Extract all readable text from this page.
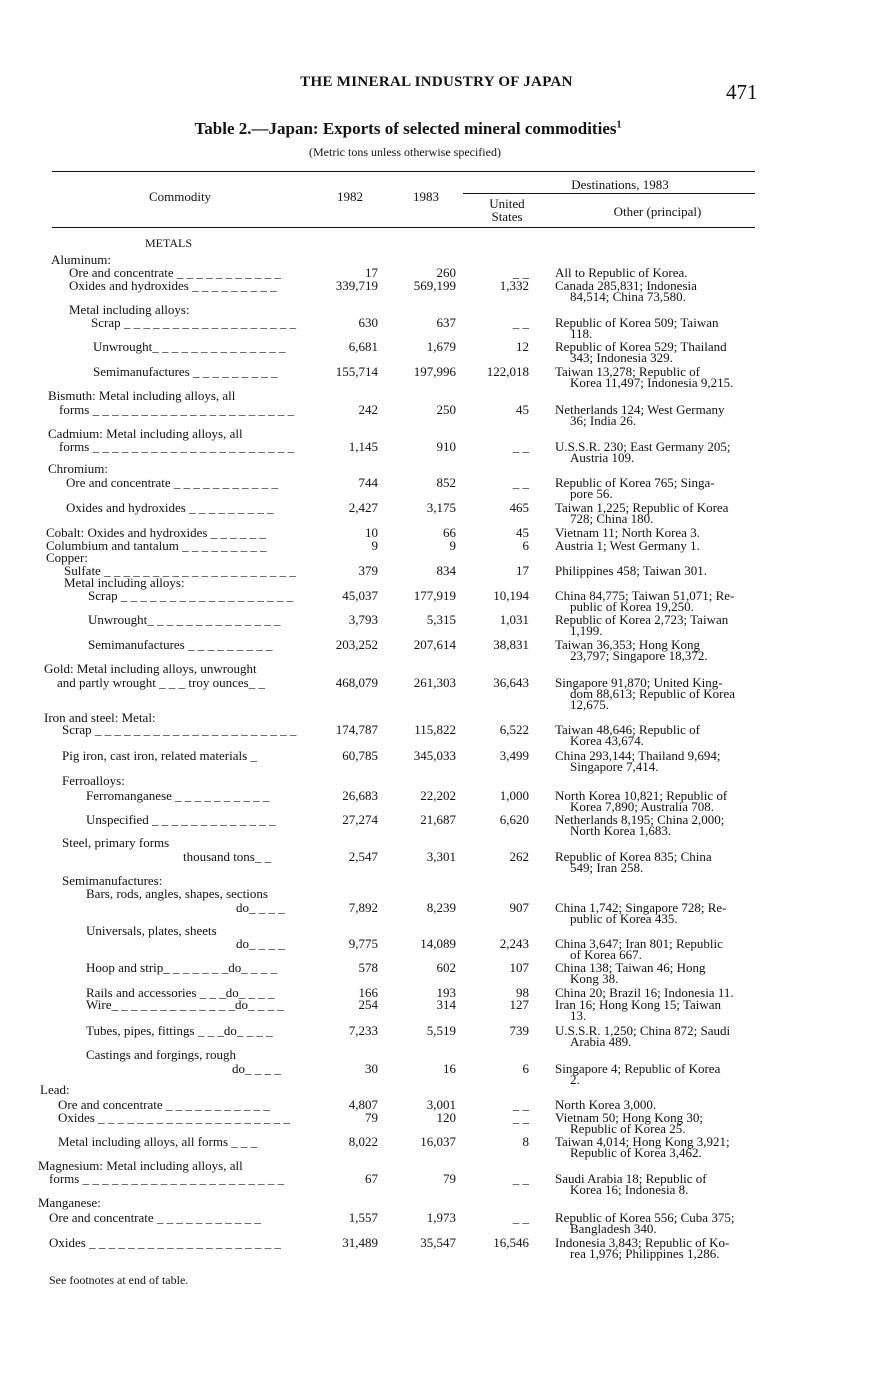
THE MINERAL INDUSTRY OF JAPAN	471
Table 2.—Japan: Exports of selected mineral commodities$^1$
(Metric tons unless otherwise specified)
Commodity	1982	1983
Destinations, 1983
United
States	Other (principal)
METALS
Aluminum:
Ore and concentrate _ _ _ _ _ _ _ _ _ _ _	17	260	_ _ All to Republic of Korea.
Oxides and hydroxides _ _ _ _ _ _ _ _ _	339,719	569,199	1,332 Canada 285,831; Indonesia
84,514; China 73,580.
Metal including alloys:
Scrap _ _ _ _ _ _ _ _ _ _ _ _ _ _ _ _ _ _	630	637	_ _ Republic of Korea 509; Taiwan
118.
Unwrought_ _ _ _ _ _ _ _ _ _ _ _ _ _	6,681	1,679	12 Republic of Korea 529; Thailand
343; Indonesia 329.
Semimanufactures _ _ _ _ _ _ _ _ _	155,714	197,996	122,018 Taiwan 13,278; Republic of
Korea 11,497; Indonesia 9,215.
Bismuth: Metal including alloys, all
forms _ _ _ _ _ _ _ _ _ _ _ _ _ _ _ _ _ _ _ _ _	242	250	45 Netherlands 124; West Germany
36; India 26.
Cadmium: Metal including alloys, all
forms _ _ _ _ _ _ _ _ _ _ _ _ _ _ _ _ _ _ _ _ _	1,145	910	_ _ U.S.S.R. 230; East Germany 205;
Austria 109.
Chromium:
Ore and concentrate _ _ _ _ _ _ _ _ _ _ _	744	852	_ _ Republic of Korea 765; Singa-
pore 56.
Oxides and hydroxides _ _ _ _ _ _ _ _ _	2,427	3,175	465 Taiwan 1,225; Republic of Korea
728; China 180.
Cobalt: Oxides and hydroxides _ _ _ _ _ _	10	66	45 Vietnam 11; North Korea 3.
Columbium and tantalum _ _ _ _ _ _ _ _ _	9	9	6 Austria 1; West Germany 1.
Copper:
Sulfate _ _ _ _ _ _ _ _ _ _ _ _ _ _ _ _ _ _ _ _	379	834	17 Philippines 458; Taiwan 301.
Metal including alloys:
Scrap _ _ _ _ _ _ _ _ _ _ _ _ _ _ _ _ _ _	45,037	177,919	10,194 China 84,775; Taiwan 51,071; Re-
public of Korea 19,250.
Unwrought_ _ _ _ _ _ _ _ _ _ _ _ _ _	3,793	5,315	1,031 Republic of Korea 2,723; Taiwan
1,199.
Semimanufactures _ _ _ _ _ _ _ _ _	203,252	207,614	38,831 Taiwan 36,353; Hong Kong
23,797; Singapore 18,372.
Gold: Metal including alloys, unwrought
and partly wrought _ _ _ troy ounces_ _	468,079	261,303	36,643 Singapore 91,870; United King-
dom 88,613; Republic of Korea
12,675.
Iron and steel: Metal:
Scrap _ _ _ _ _ _ _ _ _ _ _ _ _ _ _ _ _ _ _ _ _	174,787	115,822	6,522 Taiwan 48,646; Republic of
Korea 43,674.
Pig iron, cast iron, related materials _	60,785	345,033	3,499 China 293,144; Thailand 9,694;
Singapore 7,414.
Ferroalloys:
Ferromanganese _ _ _ _ _ _ _ _ _ _	26,683	22,202	1,000 North Korea 10,821; Republic of
Korea 7,890; Australia 708.
Unspecified _ _ _ _ _ _ _ _ _ _ _ _ _	27,274	21,687	6,620 Netherlands 8,195; China 2,000;
North Korea 1,683.
Steel, primary forms
thousand tons_ _	2,547	3,301	262 Republic of Korea 835; China
549; Iran 258.
Semimanufactures:
Bars, rods, angles, shapes, sections
do_ _ _ _	7,892	8,239	907 China 1,742; Singapore 728; Re-
public of Korea 435.
Universals, plates, sheets
do_ _ _ _	9,775	14,089	2,243 China 3,647; Iran 801; Republic
of Korea 667.
Hoop and strip_ _ _ _ _ _ _do_ _ _ _	578	602	107 China 138; Taiwan 46; Hong
Kong 38.
Rails and accessories _ _ _do_ _ _ _	166	193	98 China 20; Brazil 16; Indonesia 11.
Wire_ _ _ _ _ _ _ _ _ _ _ _ _do_ _ _ _	254	314	127 Iran 16; Hong Kong 15; Taiwan
13.
Tubes, pipes, fittings _ _ _do_ _ _ _	7,233	5,519	739 U.S.S.R. 1,250; China 872; Saudi
Arabia 489.
Castings and forgings, rough
do_ _ _ _	30	16	6 Singapore 4; Republic of Korea
2.
Lead:
Ore and concentrate _ _ _ _ _ _ _ _ _ _ _	4,807	3,001	_ _ North Korea 3,000.
Oxides _ _ _ _ _ _ _ _ _ _ _ _ _ _ _ _ _ _ _ _	79	120	_ _ Vietnam 50; Hong Kong 30;
Republic of Korea 25.
Metal including alloys, all forms _ _ _	8,022	16,037	8 Taiwan 4,014; Hong Kong 3,921;
Republic of Korea 3,462.
Magnesium: Metal including alloys, all
forms _ _ _ _ _ _ _ _ _ _ _ _ _ _ _ _ _ _ _ _ _	67	79	_ _ Saudi Arabia 18; Republic of
Korea 16; Indonesia 8.
Manganese:
Ore and concentrate _ _ _ _ _ _ _ _ _ _ _	1,557	1,973	_ _ Republic of Korea 556; Cuba 375;
Bangladesh 340.
Oxides _ _ _ _ _ _ _ _ _ _ _ _ _ _ _ _ _ _ _ _	31,489	35,547	16,546 Indonesia 3,843; Republic of Ko-
rea 1,976; Philippines 1,286.
See footnotes at end of table.
